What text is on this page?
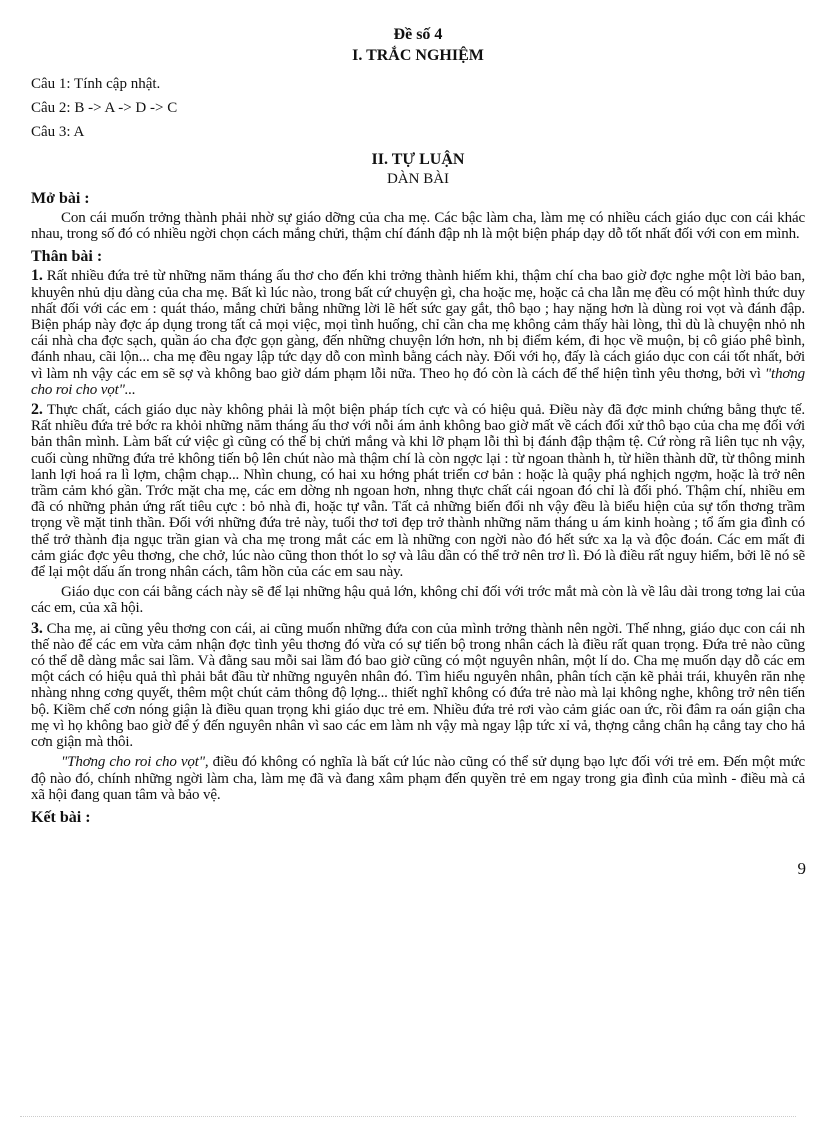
Đề số 4
I. TRẮC NGHIỆM

Câu 1: Tính cập nhật.

Câu 2: B -> A -> D -> C

Câu 3: A

II. TỰ LUẬN
DÀN BÀI

Mở bài :

Con cái muốn trởng thành phải nhờ sự giáo dỡng của cha mẹ. Các bậc làm cha, làm mẹ có nhiều cách giáo dục con cái khác nhau, trong số đó có nhiều ngời chọn cách mắng chửi, thậm chí đánh đập nh là một biện pháp dạy dỗ tốt nhất đối với con em mình.

Thân bài :

1. Rất nhiều đứa trẻ từ những năm tháng ấu thơ cho đến khi trởng thành hiếm khi, thậm chí cha bao giờ đợc nghe một lời bảo ban, khuyên nhủ dịu dàng của cha mẹ. Bất kì lúc nào, trong bất cứ chuyện gì, cha hoặc mẹ, hoặc cả cha lẫn mẹ đều có một hình thức duy nhất đối với các em : quát tháo, mắng chửi bằng những lời lẽ hết sức gay gắt, thô bạo ; hay nặng hơn là dùng roi vọt và đánh đập. Biện pháp này đợc áp dụng trong tất cả mọi việc, mọi tình huống, chỉ cần cha mẹ không cảm thấy hài lòng, thì dù là chuyện nhỏ nh cái nhà cha đợc sạch, quần áo cha đợc gọn gàng, đến những chuyện lớn hơn, nh bị điểm kém, đi học về muộn, bị cô giáo phê bình, đánh nhau, cãi lộn... cha mẹ đều ngay lập tức dạy dỗ con mình bằng cách này. Đối với họ, đấy là cách giáo dục con cái tốt nhất, bởi vì làm nh vậy các em sẽ sợ và không bao giờ dám phạm lỗi nữa. Theo họ đó còn là cách để thể hiện tình yêu thơng, bởi vì "thơng cho roi cho vọt"...

2. Thực chất, cách giáo dục này không phải là một biện pháp tích cực và có hiệu quả. Điều này đã đợc minh chứng bằng thực tế. Rất nhiều đứa trẻ bớc ra khỏi những năm tháng ấu thơ với nỗi ám ảnh không bao giờ mất về cách đối xử thô bạo của cha mẹ đối với bản thân mình. Làm bất cứ việc gì cũng có thể bị chửi mắng và khi lỡ phạm lỗi thì bị đánh đập thậm tệ. Cứ ròng rã liên tục nh vậy, cuối cùng những đứa trẻ không tiến bộ lên chút nào mà thậm chí là còn ngợc lại : từ ngoan thành h, từ hiền thành dữ, từ thông minh lanh lợi hoá ra lì lợm, chậm chạp... Nhìn chung, có hai xu hớng phát triển cơ bản : hoặc là quậy phá nghịch ngợm, hoặc là trở nên trầm cảm khó gần. Trớc mặt cha mẹ, các em dờng nh ngoan hơn, nhng thực chất cái ngoan đó chỉ là đối phó. Thậm chí, nhiều em đã có những phản ứng rất tiêu cực : bỏ nhà đi, hoặc tự vẫn. Tất cả những biến đổi nh vậy đều là biểu hiện của sự tổn thơng trầm trọng về mặt tinh thần. Đối với những đứa trẻ này, tuổi thơ tơi đẹp trở thành những năm tháng u ám kinh hoàng ; tổ ấm gia đình có thể trở thành địa ngục trần gian và cha mẹ trong mắt các em là những con ngời nào đó hết sức xa lạ và độc đoán. Các em mất đi cảm giác đợc yêu thơng, che chở, lúc nào cũng thon thót lo sợ và lâu dần có thể trở nên trơ lì. Đó là điều rất nguy hiểm, bởi lẽ nó sẽ để lại một dấu ấn trong nhân cách, tâm hồn của các em sau này.

Giáo dục con cái bằng cách này sẽ để lại những hậu quả lớn, không chỉ đối với trớc mắt mà còn là về lâu dài trong tơng lai của các em, của xã hội.

3. Cha mẹ, ai cũng yêu thơng con cái, ai cũng muốn những đứa con của mình trởng thành nên ngời. Thế nhng, giáo dục con cái nh thế nào để các em vừa cảm nhận đợc tình yêu thơng đó vừa có sự tiến bộ trong nhân cách là điều rất quan trọng. Đứa trẻ nào cũng có thể dễ dàng mắc sai lầm. Và đằng sau mỗi sai lầm đó bao giờ cũng có một nguyên nhân, một lí do. Cha mẹ muốn dạy dỗ các em một cách có hiệu quả thì phải bắt đầu từ những nguyên nhân đó. Tìm hiểu nguyên nhân, phân tích cặn kẽ phải trái, khuyên răn nhẹ nhàng nhng cơng quyết, thêm một chút cảm thông độ lợng... thiết nghĩ không có đứa trẻ nào mà lại không nghe, không trở nên tiến bộ. Kiềm chế cơn nóng giận là điều quan trọng khi giáo dục trẻ em. Nhiều đứa trẻ rơi vào cảm giác oan ức, rồi đâm ra oán giận cha mẹ vì họ không bao giờ để ý đến nguyên nhân vì sao các em làm nh vậy mà ngay lập tức xỉ vả, thợng cẳng chân hạ cẳng tay cho hả cơn giận mà thôi.

"Thơng cho roi cho vọt", điều đó không có nghĩa là bất cứ lúc nào cũng có thể sử dụng bạo lực đối với trẻ em. Đến một mức độ nào đó, chính những ngời làm cha, làm mẹ đã và đang xâm phạm đến quyền trẻ em ngay trong gia đình của mình - điều mà cả xã hội đang quan tâm và bảo vệ.

Kết bài :

9
